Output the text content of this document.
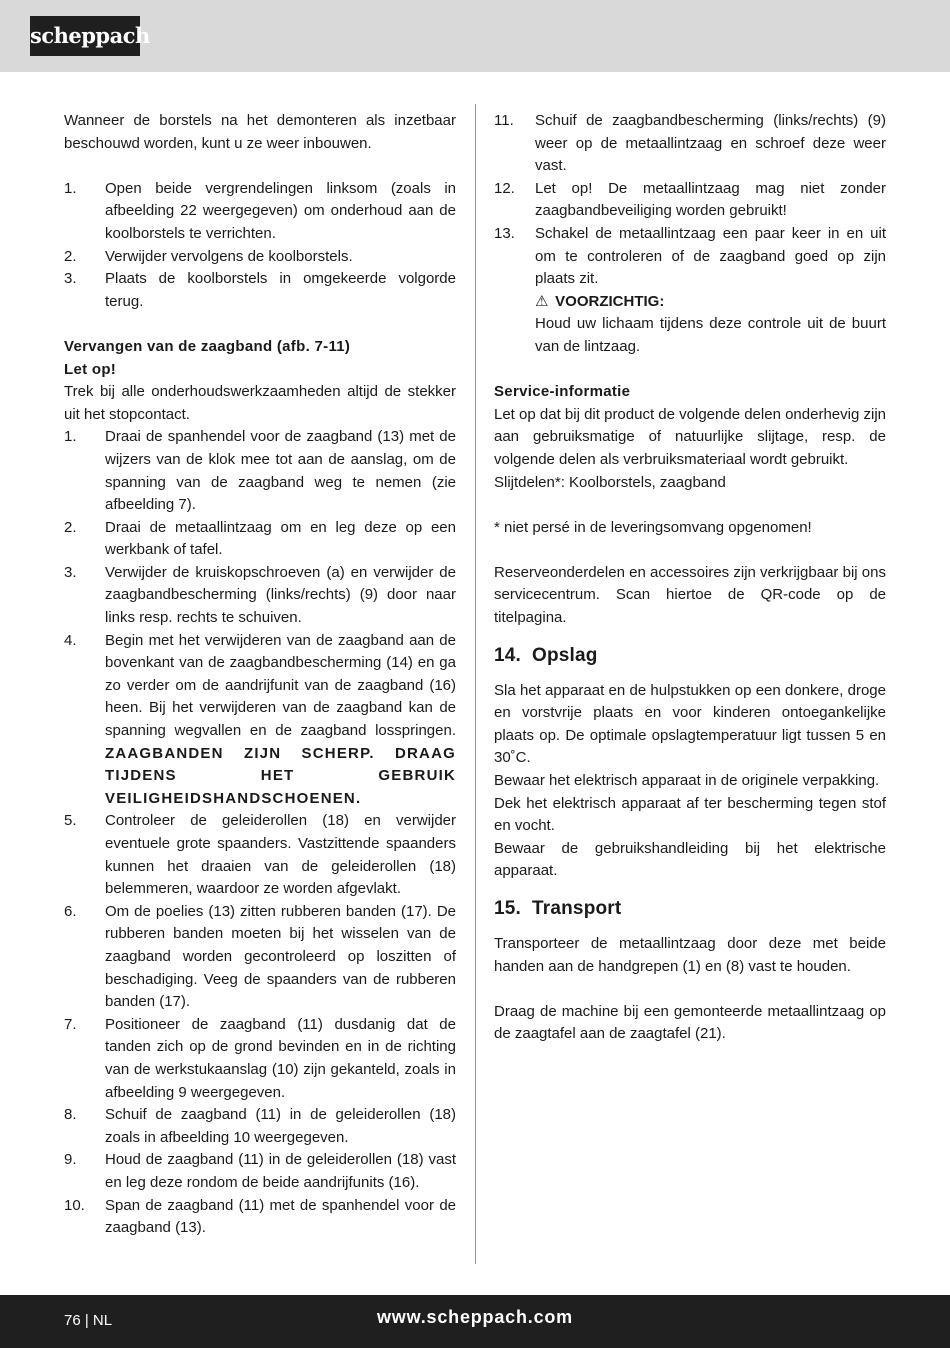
scheppach

Wanneer de borstels na het demonteren als inzetbaar beschouwd worden, kunt u ze weer inbouwen.

1.	Open beide vergrendelingen linksom (zoals in afbeelding 22 weergegeven) om onderhoud aan de koolborstels te verrichten.
2.	Verwijder vervolgens de koolborstels.
3.	Plaats de koolborstels in omgekeerde volgorde terug.
Vervangen van de zaagband (afb. 7-11)
Let op!

Trek bij alle onderhoudswerkzaamheden altijd de stekker uit het stopcontact.

1.	Draai de spanhendel voor de zaagband (13) met de wijzers van de klok mee tot aan de aanslag, om de spanning van de zaagband weg te nemen (zie afbeelding 7).
2.	Draai de metaallintzaag om en leg deze op een werkbank of tafel.
3.	Verwijder de kruiskopschroeven (a) en verwijder de zaagbandbescherming (links/rechts) (9) door naar links resp. rechts te schuiven.
4.	Begin met het verwijderen van de zaagband aan de bovenkant van de zaagbandbescherming (14) en ga zo verder om de aandrijfunit van de zaagband (16) heen. Bij het verwijderen van de zaagband kan de spanning wegvallen en de zaagband losspringen. ZAAGBANDEN ZIJN SCHERP. DRAAG TIJDENS HET GEBRUIK VEILIGHEIDSHANDSCHOENEN.
5.	Controleer de geleiderollen (18) en verwijder eventuele grote spaanders. Vastzittende spaanders kunnen het draaien van de geleiderollen (18) belemmeren, waardoor ze worden afgevlakt.
6.	Om de poelies (13) zitten rubberen banden (17). De rubberen banden moeten bij het wisselen van de zaagband worden gecontroleerd op loszitten of beschadiging. Veeg de spaanders van de rubberen banden (17).
7.	Positioneer de zaagband (11) dusdanig dat de tanden zich op de grond bevinden en in de richting van de werkstukaanslag (10) zijn gekanteld, zoals in afbeelding 9 weergegeven.
8.	Schuif de zaagband (11) in de geleiderollen (18) zoals in afbeelding 10 weergegeven.
9.	Houd de zaagband (11) in de geleiderollen (18) vast en leg deze rondom de beide aandrijfunits (16).
10.	Span de zaagband (11) met de spanhendel voor de zaagband (13).
11.	Schuif de zaagbandbescherming (links/rechts) (9) weer op de metaallintzaag en schroef deze weer vast.
12.	Let op! De metaallintzaag mag niet zonder zaagbandbeveiliging worden gebruikt!
13.	Schakel de metaallintzaag een paar keer in en uit om te controleren of de zaagband goed op zijn plaats zit.
⚠ VOORZICHTIG:
Houd uw lichaam tijdens deze controle uit de buurt van de lintzaag.
Service-informatie

Let op dat bij dit product de volgende delen onderhevig zijn aan gebruiksmatige of natuurlijke slijtage, resp. de volgende delen als verbruiksmateriaal wordt gebruikt.

Slijtdelen*: Koolborstels, zaagband

* niet persé in de leveringsomvang opgenomen!

Reserveonderdelen en accessoires zijn verkrijgbaar bij ons servicecentrum. Scan hiertoe de QR-code op de titelpagina.

14. Opslag

Sla het apparaat en de hulpstukken op een donkere, droge en vorstvrije plaats en voor kinderen ontoegankelijke plaats op. De optimale opslagtemperatuur ligt tussen 5 en 30˚C.

Bewaar het elektrisch apparaat in de originele verpakking.

Dek het elektrisch apparaat af ter bescherming tegen stof en vocht.

Bewaar de gebruikshandleiding bij het elektrische apparaat.

15. Transport

Transporteer de metaallintzaag door deze met beide handen aan de handgrepen (1) en (8) vast te houden.

Draag de machine bij een gemonteerde metaallintzaag op de zaagtafel aan de zaagtafel (21).

76 | NL	www.scheppach.com
